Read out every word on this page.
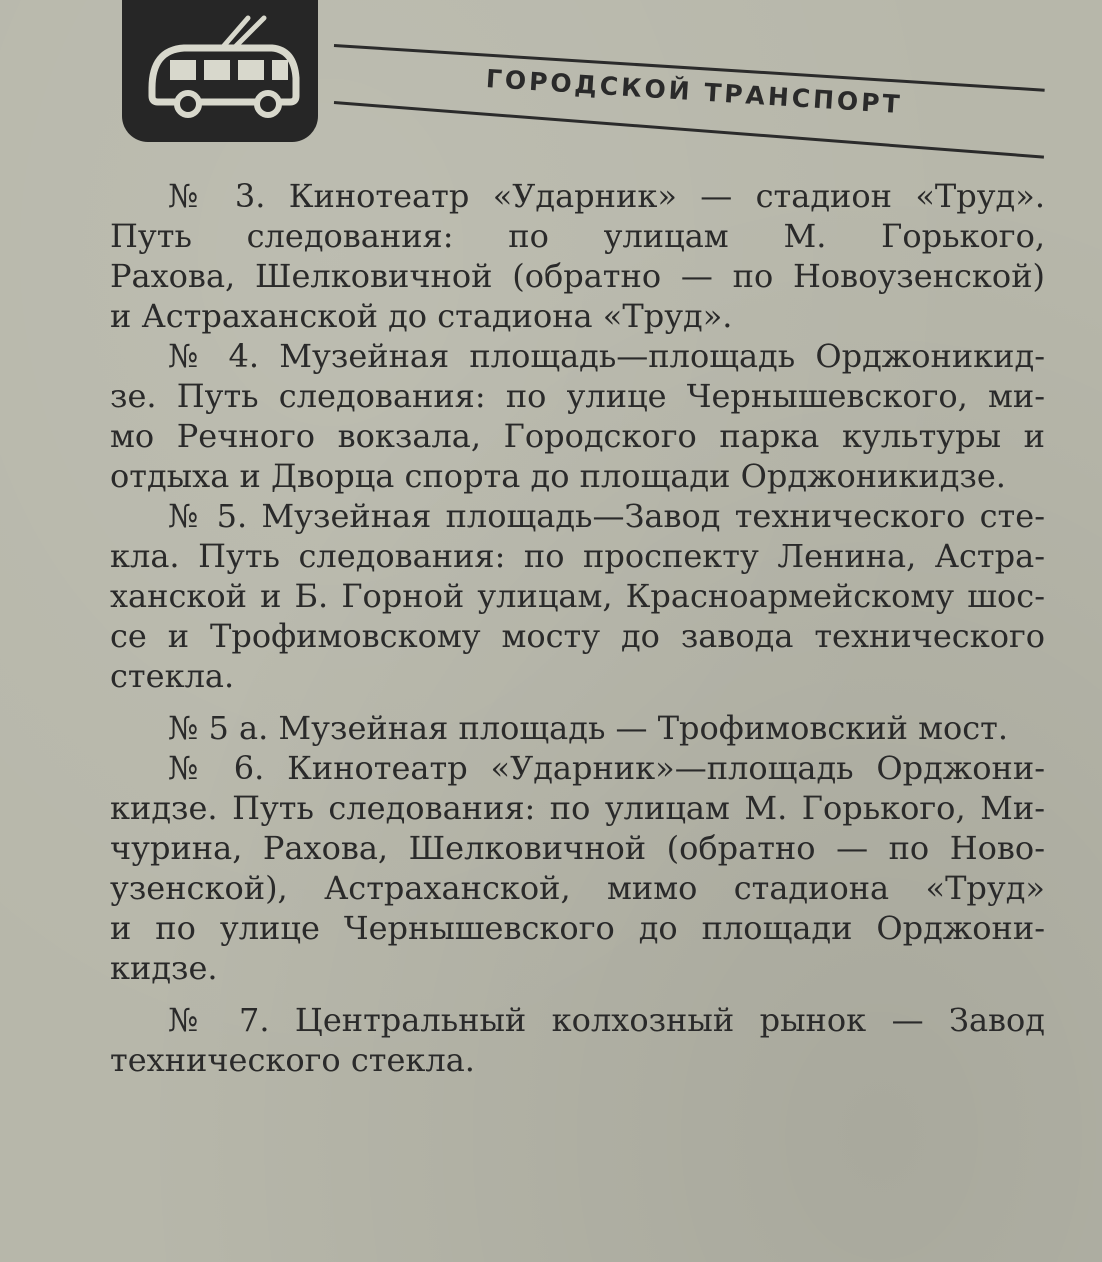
ГОРОДСКОЙ ТРАНСПОРТ
№ 3. Кинотеатр «Ударник» — стадион «Труд».
Путь следования: по улицам М. Горького,
Рахова, Шелковичной (обратно — по Новоузенской)
и Астраханской до стадиона «Труд».
№ 4. Музейная площадь—площадь Орджоникид-
зе. Путь следования: по улице Чернышевского, ми-
мо Речного вокзала, Городского парка культуры и
отдыха и Дворца спорта до площади Орджоникидзе.
№ 5. Музейная площадь—Завод технического сте-
кла. Путь следования: по проспекту Ленина, Астра-
ханской и Б. Горной улицам, Красноармейскому шос-
се и Трофимовскому мосту до завода технического
стекла.
№ 5 а. Музейная площадь — Трофимовский мост.
№ 6. Кинотеатр «Ударник»—площадь Орджони-
кидзе. Путь следования: по улицам М. Горького, Ми-
чурина, Рахова, Шелковичной (обратно — по Ново-
узенской), Астраханской, мимо стадиона «Труд»
и по улице Чернышевского до площади Орджони-
кидзе.
№ 7. Центральный колхозный рынок — Завод
технического стекла.
